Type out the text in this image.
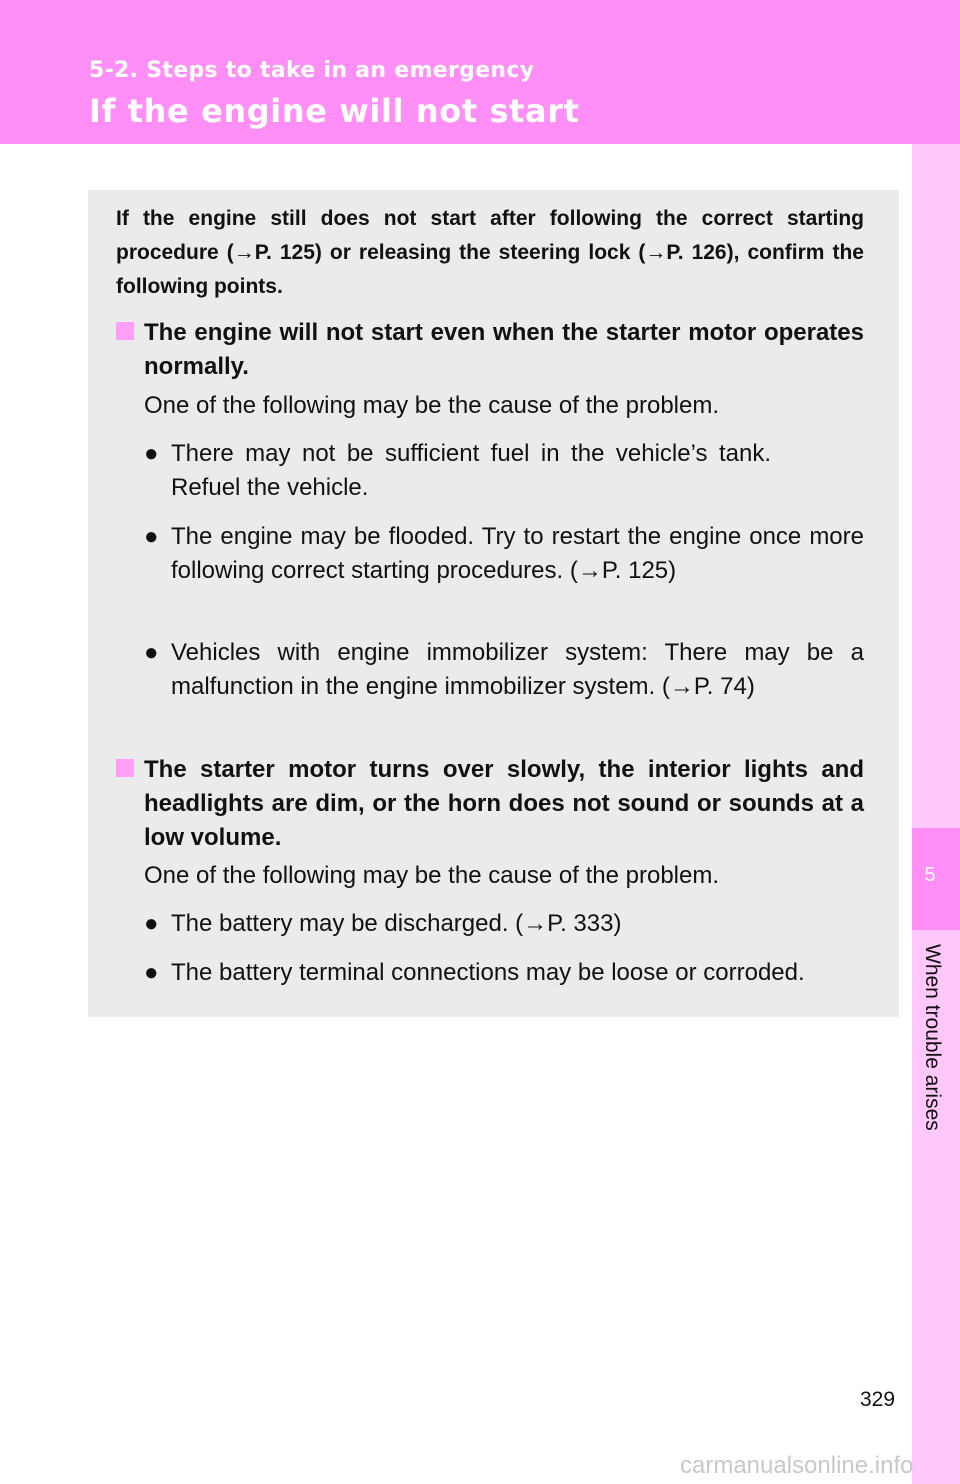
5-2. Steps to take in an emergency
If the engine will not start
5
When trouble arises
If the engine still does not start after following the correct starting procedure (→P. 125) or releasing the steering lock (→P. 126), confirm the following points.
The engine will not start even when the starter motor operates normally.
One of the following may be the cause of the problem.
● There may not be sufficient fuel in the vehicle’s tank. Refuel the vehicle.
● The engine may be flooded. Try to restart the engine once more following correct starting procedures. (→P. 125)
● Vehicles with engine immobilizer system: There may be a malfunction in the engine immobilizer system. (→P. 74)
The starter motor turns over slowly, the interior lights and headlights are dim, or the horn does not sound or sounds at a low volume.
One of the following may be the cause of the problem.
● The battery may be discharged. (→P. 333)
● The battery terminal connections may be loose or corroded.
329
carmanualsonline.info
